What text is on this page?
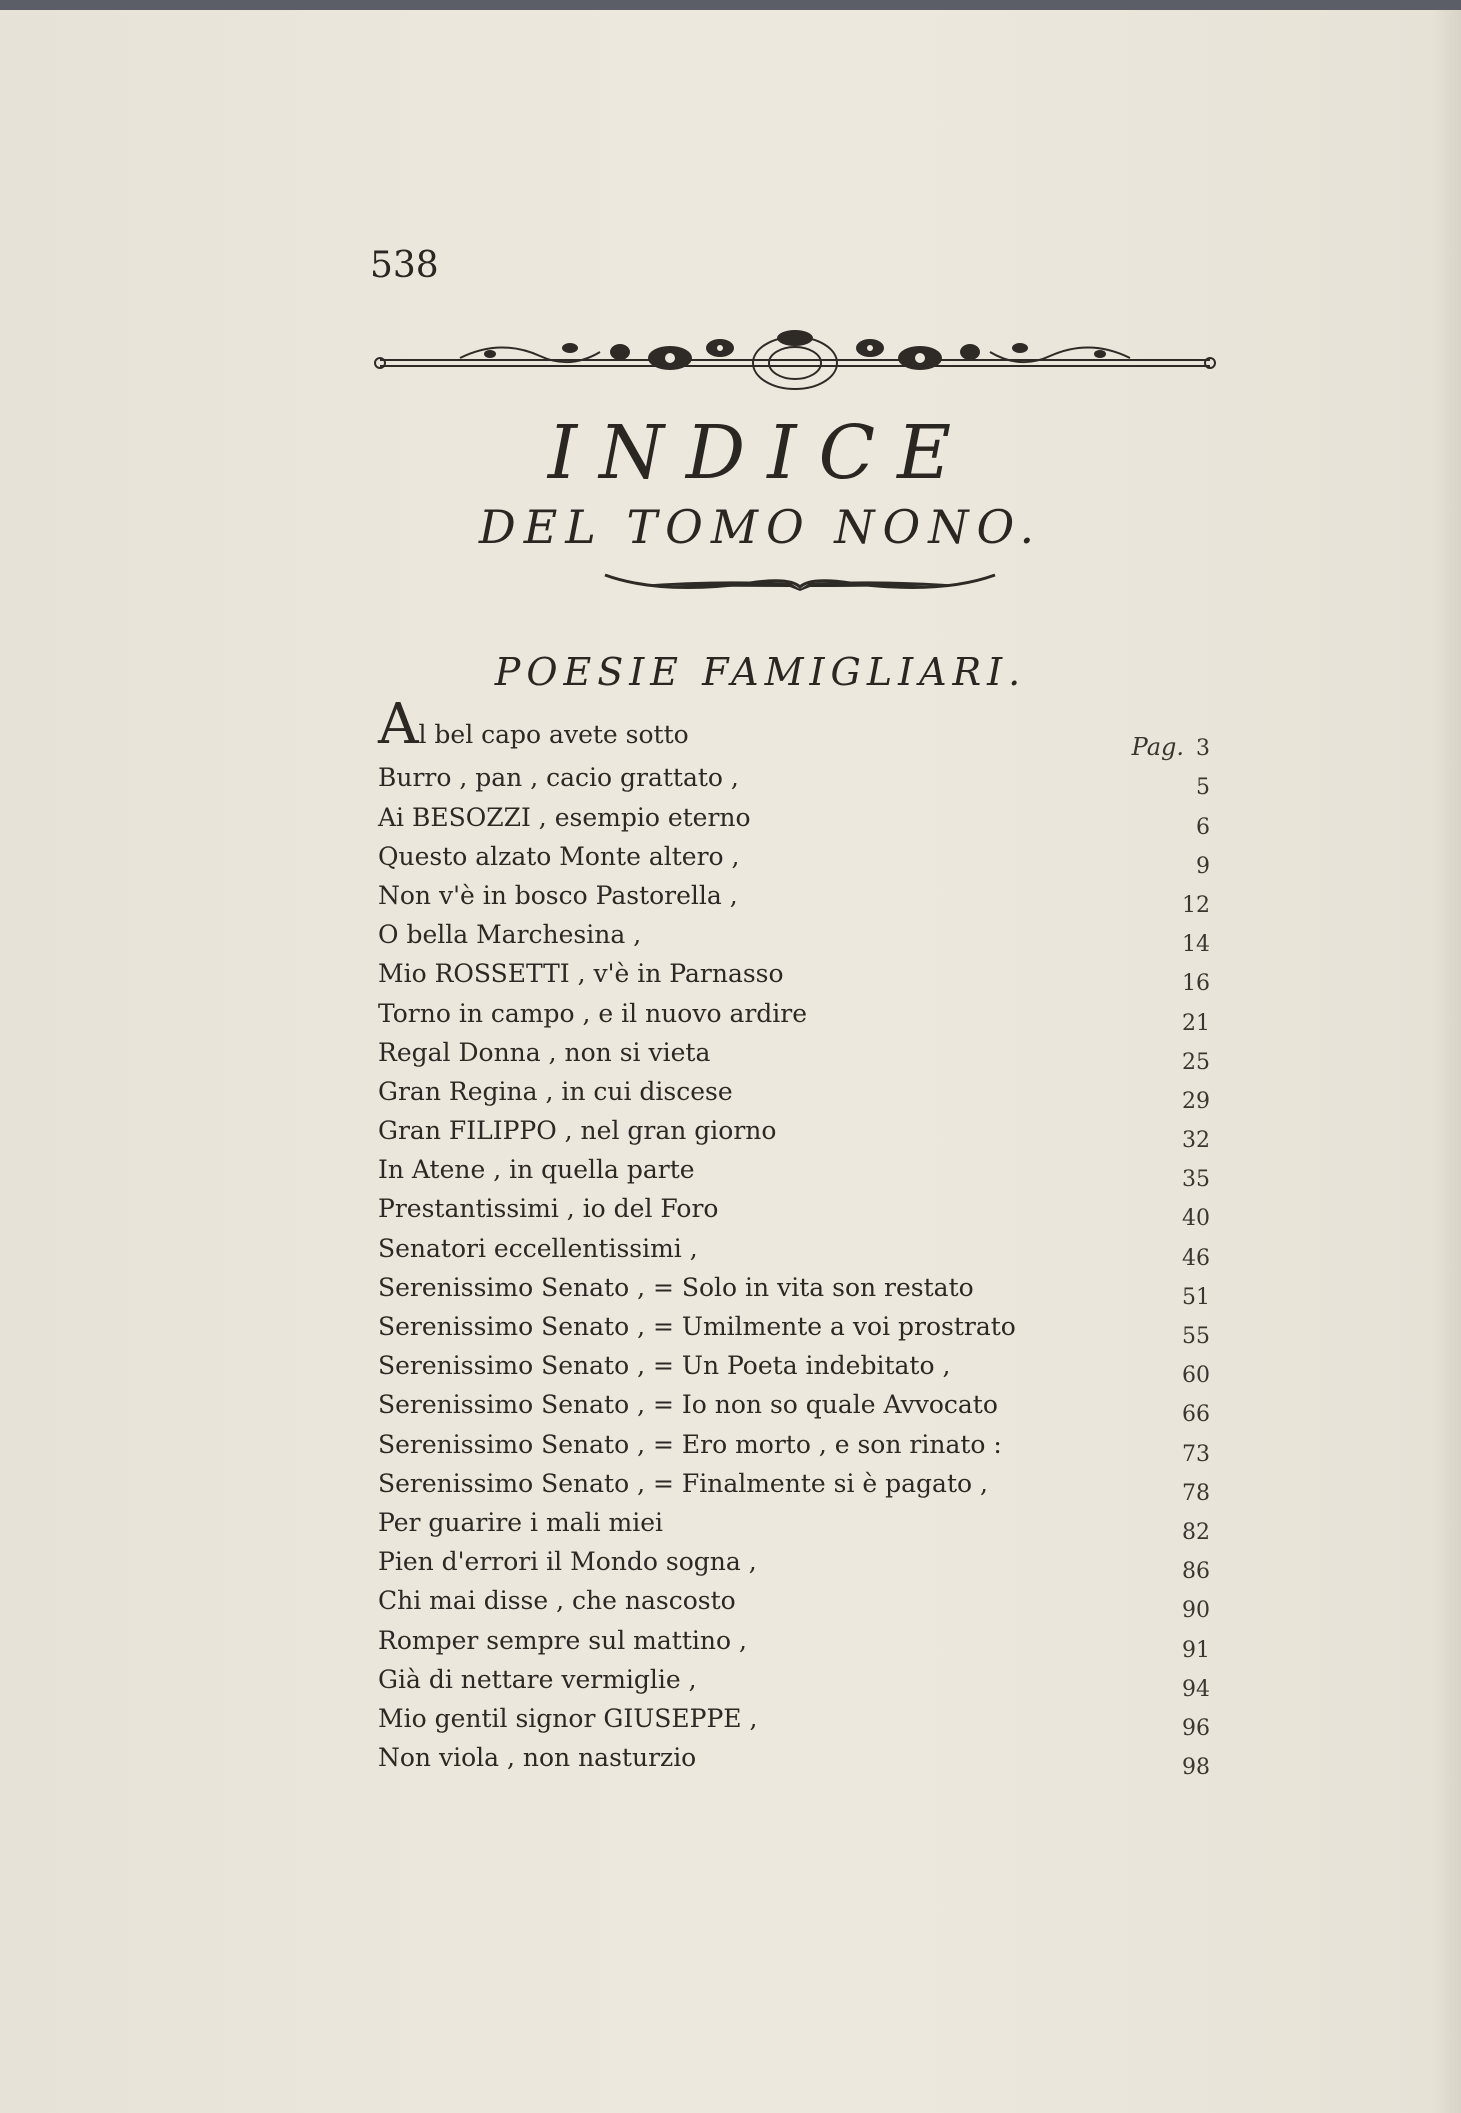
538
INDICE
DEL TOMO NONO.
POESIE FAMIGLIARI.
Al bel capo avete sotto	Pag. 3
Burro , pan , cacio grattato ,	5
Ai BESOZZI , esempio eterno	6
Questo alzato Monte altero ,	9
Non v'è in bosco Pastorella ,	12
O bella Marchesina ,	14
Mio ROSSETTI , v'è in Parnasso	16
Torno in campo , e il nuovo ardire	21
Regal Donna , non si vieta	25
Gran Regina , in cui discese	29
Gran FILIPPO , nel gran giorno	32
In Atene , in quella parte	35
Prestantissimi , io del Foro	40
Senatori eccellentissimi ,	46
Serenissimo Senato , = Solo in vita son restato	51
Serenissimo Senato , = Umilmente a voi prostrato	55
Serenissimo Senato , = Un Poeta indebitato ,	60
Serenissimo Senato , = Io non so quale Avvocato	66
Serenissimo Senato , = Ero morto , e son rinato :	73
Serenissimo Senato , = Finalmente si è pagato ,	78
Per guarire i mali miei	82
Pien d'errori il Mondo sogna ,	86
Chi mai disse , che nascosto	90
Romper sempre sul mattino ,	91
Già di nettare vermiglie ,	94
Mio gentil signor GIUSEPPE ,	96
Non viola , non nasturzio	98
